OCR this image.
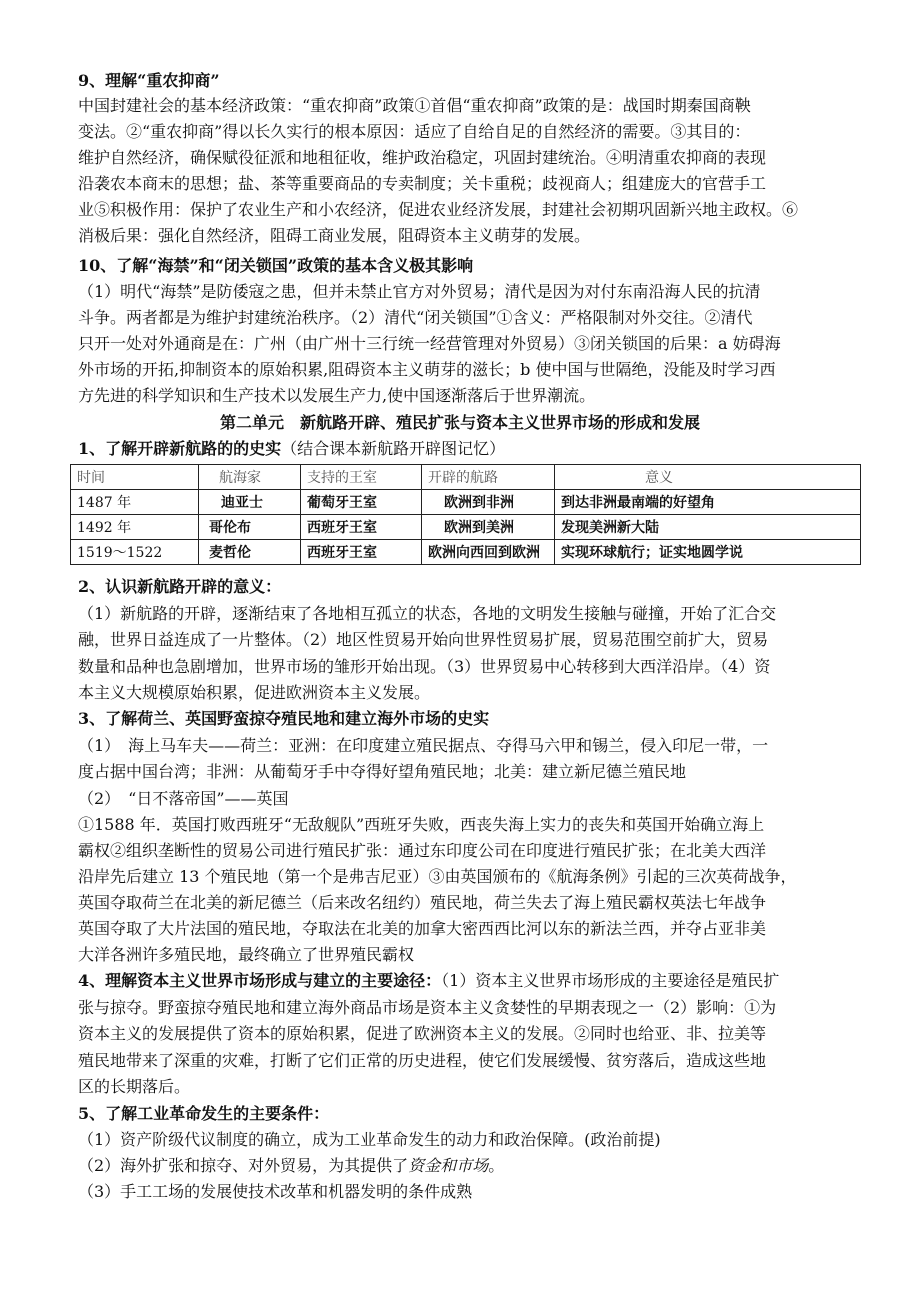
9、理解“重农抑商”
中国封建社会的基本经济政策：“重农抑商”政策①首倡“重农抑商”政策的是：战国时期秦国商鞅
变法。②“重农抑商”得以长久实行的根本原因：适应了自给自足的自然经济的需要。③其目的：
维护自然经济，确保赋役征派和地租征收，维护政治稳定，巩固封建统治。④明清重农抑商的表现
沿袭农本商末的思想；盐、茶等重要商品的专卖制度；关卡重税；歧视商人；组建庞大的官营手工
业⑤积极作用：保护了农业生产和小农经济，促进农业经济发展，封建社会初期巩固新兴地主政权。⑥
消极后果：强化自然经济，阻碍工商业发展，阻碍资本主义萌芽的发展。
10、了解“海禁”和“闭关锁国”政策的基本含义极其影响
（1）明代“海禁”是防倭寇之患，但并未禁止官方对外贸易；清代是因为对付东南沿海人民的抗清
斗争。两者都是为维护封建统治秩序。（2）清代“闭关锁国”①含义：严格限制对外交往。②清代
只开一处对外通商是在：广州（由广州十三行统一经营管理对外贸易）③闭关锁国的后果：a 妨碍海
外市场的开拓,抑制资本的原始积累,阻碍资本主义萌芽的滋长；b 使中国与世隔绝，没能及时学习西
方先进的科学知识和生产技术以发展生产力,使中国逐渐落后于世界潮流。
第二单元　新航路开辟、殖民扩张与资本主义世界市场的形成和发展
1、了解开辟新航路的的史实（结合课本新航路开辟图记忆）
时间	航海家	支持的王室	开辟的航路	意义
1487 年	迪亚士	葡萄牙王室	欧洲到非洲	到达非洲最南端的好望角
1492 年	哥伦布	西班牙王室	欧洲到美洲	发现美洲新大陆
1519～1522	麦哲伦	西班牙王室	欧洲向西回到欧洲	实现环球航行；证实地圆学说
2、认识新航路开辟的意义：
（1）新航路的开辟，逐渐结束了各地相互孤立的状态，各地的文明发生接触与碰撞，开始了汇合交
融，世界日益连成了一片整体。（2）地区性贸易开始向世界性贸易扩展，贸易范围空前扩大，贸易
数量和品种也急剧增加，世界市场的雏形开始出现。（3）世界贸易中心转移到大西洋沿岸。（4）资
本主义大规模原始积累，促进欧洲资本主义发展。
3、了解荷兰、英国野蛮掠夺殖民地和建立海外市场的史实
（1）　海上马车夫——荷兰：亚洲：在印度建立殖民据点、夺得马六甲和锡兰，侵入印尼一带，一
度占据中国台湾；非洲：从葡萄牙手中夺得好望角殖民地；北美：建立新尼德兰殖民地
（2）　“日不落帝国”——英国
①1588 年．英国打败西班牙“无敌舰队”西班牙失败，西丧失海上实力的丧失和英国开始确立海上
霸权②组织垄断性的贸易公司进行殖民扩张：通过东印度公司在印度进行殖民扩张；在北美大西洋
沿岸先后建立 13 个殖民地（第一个是弗吉尼亚）③由英国颁布的《航海条例》引起的三次英荷战争，
英国夺取荷兰在北美的新尼德兰（后来改名纽约）殖民地，荷兰失去了海上殖民霸权英法七年战争
英国夺取了大片法国的殖民地，夺取法在北美的加拿大密西西比河以东的新法兰西，并夺占亚非美
大洋各洲许多殖民地，最终确立了世界殖民霸权
4、理解资本主义世界市场形成与建立的主要途径：（1）资本主义世界市场形成的主要途径是殖民扩
张与掠夺。野蛮掠夺殖民地和建立海外商品市场是资本主义贪婪性的早期表现之一（2）影响：①为
资本主义的发展提供了资本的原始积累，促进了欧洲资本主义的发展。②同时也给亚、非、拉美等
殖民地带来了深重的灾难，打断了它们正常的历史进程，使它们发展缓慢、贫穷落后，造成这些地
区的长期落后。
5、了解工业革命发生的主要条件：
（1）资产阶级代议制度的确立，成为工业革命发生的动力和政治保障。(政治前提)
（2）海外扩张和掠夺、对外贸易，为其提供了资金和市场。
（3）手工工场的发展使技术改革和机器发明的条件成熟
